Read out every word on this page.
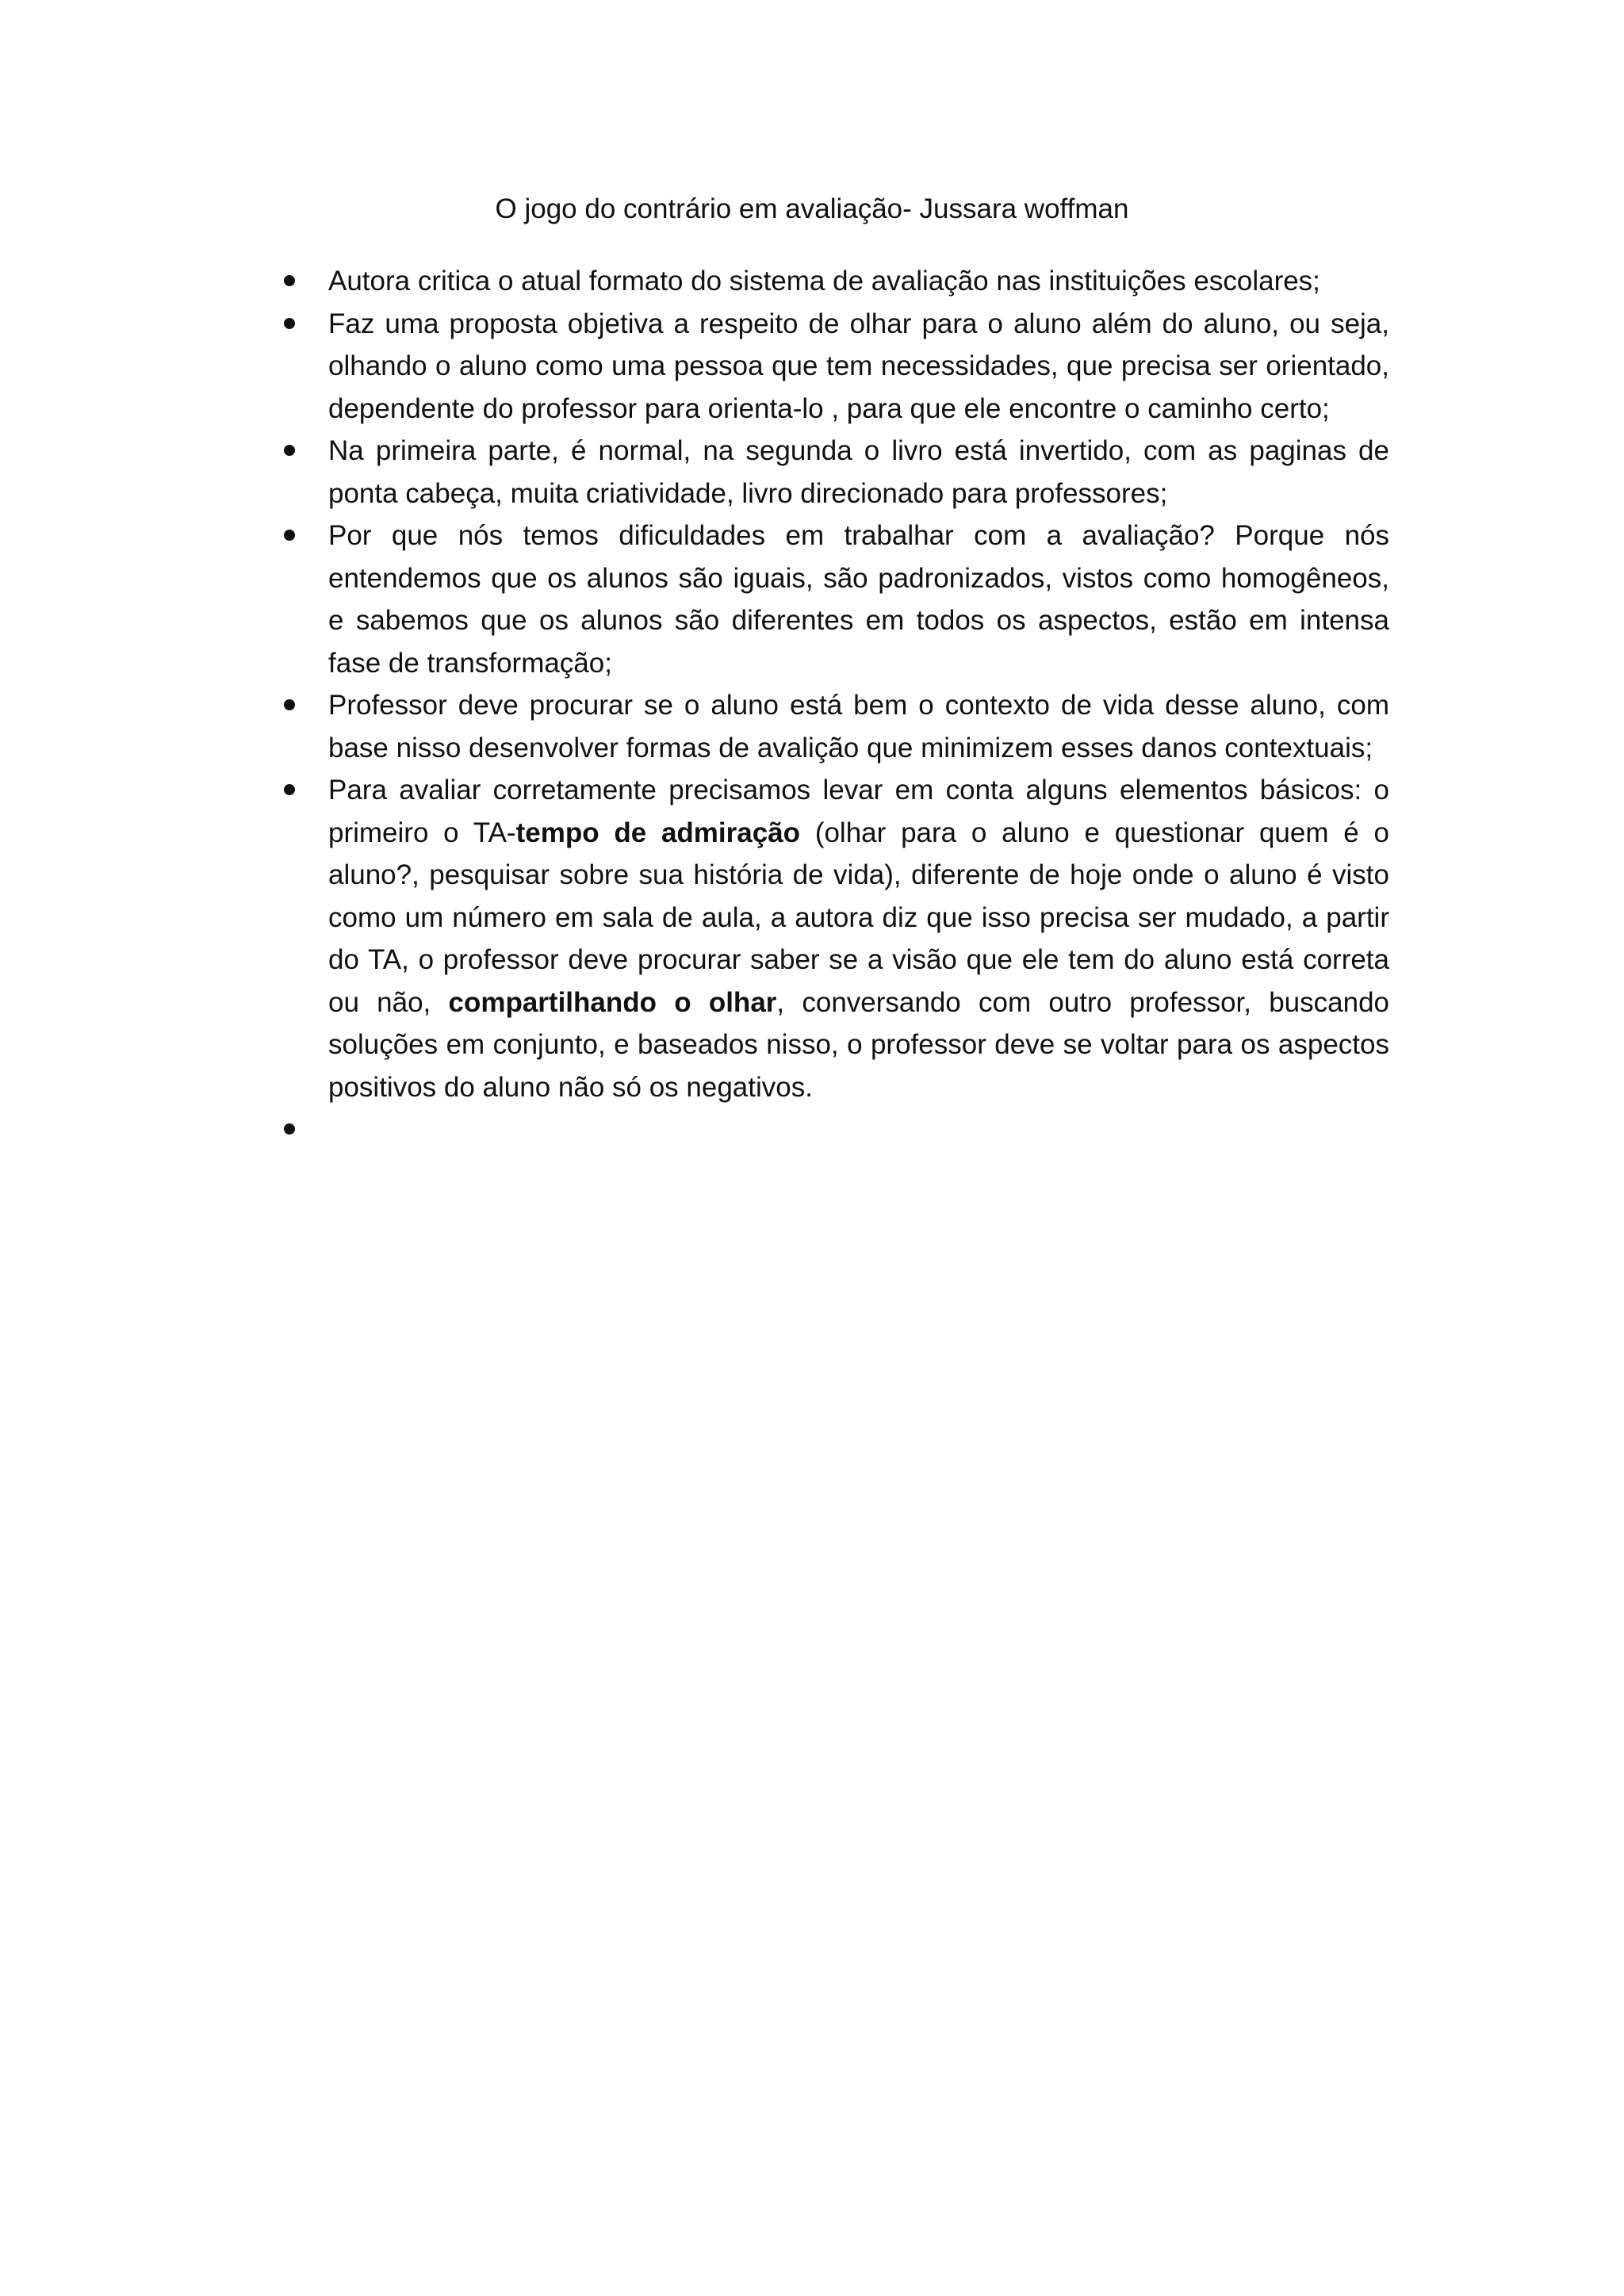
O jogo do contrário em avaliação- Jussara woffman
Autora critica o atual formato do sistema de avaliação nas instituições escolares;
Faz uma proposta objetiva a respeito de olhar para o aluno além do aluno, ou seja, olhando o aluno como uma pessoa que tem necessidades, que precisa ser orientado, dependente do professor para orienta-lo , para que ele encontre o caminho certo;
Na primeira parte, é normal, na segunda o livro está invertido, com as paginas de ponta cabeça, muita criatividade, livro direcionado para professores;
Por que nós temos dificuldades em trabalhar com a avaliação? Porque nós entendemos que os alunos são iguais, são padronizados, vistos como homogêneos, e sabemos que os alunos são diferentes em todos os aspectos, estão em intensa fase de transformação;
Professor deve procurar se o aluno está bem o contexto de vida desse aluno, com base nisso desenvolver formas de avalição que minimizem esses danos contextuais;
Para avaliar corretamente precisamos levar em conta alguns elementos básicos: o primeiro o TA-tempo de admiração (olhar para o aluno e questionar quem é o aluno?, pesquisar sobre sua história de vida), diferente de hoje onde o aluno é visto como um número em sala de aula, a autora diz que isso precisa ser mudado, a partir do TA, o professor deve procurar saber se a visão que ele tem do aluno está correta ou não, compartilhando o olhar, conversando com outro professor, buscando soluções em conjunto, e baseados nisso, o professor deve se voltar para os aspectos positivos do aluno não só os negativos.
